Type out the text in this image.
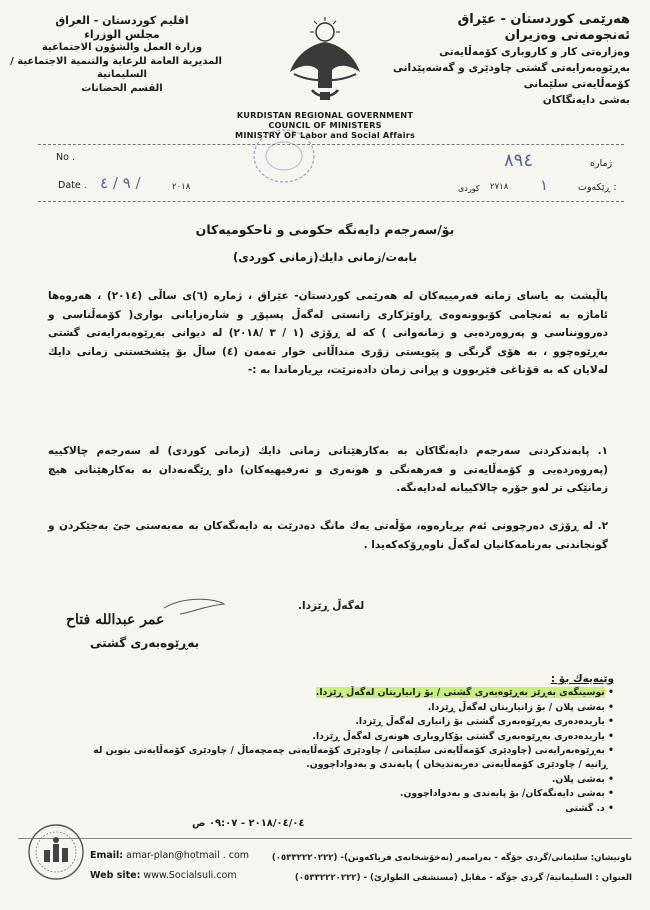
اقليم كوردستان - العراق
مجلس الوزراء
وزارة العمل والشؤون الاجتماعية
المديرية العامة للرعاية والتنمية الاجتماعية /
السليمانية
القسم الحضانات
KURDISTAN REGIONAL GOVERNMENT
COUNCIL OF MINISTERS
MINISTRY OF Labor and Social Affairs
هەرێمی کوردستان - عێراق
ئەنجومەنی وەزیران
وەزارەتی كار و كاروباری كۆمەڵایەتی
بەڕێوەبەرایەتی گشتی چاودێری و گەشەپێدانی
كۆمەڵایەتی سلێمانی
بەشی دایەنگاكان
No .
Date . ٩ / ٤ /	٢٠١٨
ژمارە
٨٩٤
ڕێكەوت :
١
٢٧١٨
كوردی
بۆ/سەرجەم دایەنگە حكومی و ناحكومیەكان
بابەت/زمانی دایك(زمانی كوردی)
پاڵپشت بە یاسای زمانە فەرمییەكان لە هەرێمی كوردستان- عێراق ، ژمارە (٦)ی ساڵی (٢٠١٤) ، هەروەها ئاماژە بە ئەنجامی كۆبوونەوەی ڕاوێژكاری زانستی لەگەڵ پسپۆڕ و شارەزایانی بواری( كۆمەڵناسی و دەروونناسی و پەروەردەیی و زمانەوانی ) كە لە ڕۆژی (١ / ٣ /٢٠١٨) لە دیوانی بەڕێوەبەرایەتی گشتی بەڕێوەچوو ، بە هۆی گرنگی و پێویستی زۆری منداڵانی خوار تەمەن (٤) ساڵ بۆ پێشخستنی زمانی دایك لەلایان كە بە قۆناغی فێربوون و پڕانی زمان دادەنرێت، بڕیارماندا بە :-
١. پابەندكردنی سەرجەم دایەنگاكان بە بەكارهێنانی زمانی دایك (زمانی كوردی) لە سەرجەم چالاكییە (پەروەردەیی و كۆمەڵایەتی و فەرهەنگی و هونەری و تەرفیهیەكان) داو ڕێگەنەدان بە بەكارهێنانی هیچ زمانێكی تر لەو جۆرە چالاكییانە لەدایەنگە.
٢. لە ڕۆژی دەرچوونی ئەم بڕیارەوە، مۆڵەتی یەك مانگ دەدرێت بە دایەنگەكان بە مەبەستی جێ بەجێكردن و گونجاندنی بەرنامەكانیان لەگەڵ ناوەڕۆكەكەیدا .
لەگەڵ ڕێزدا.
عمر عبدالله فتاح
بەڕێوەبەری گشتی
وێنەیەك بۆ :
• نوسینگەی بەڕێز بەڕێوەبەری گشتی / بۆ زانیاریتان لەگەڵ ڕێزدا.
• بەشی پلان / بۆ زانیاریتان لەگەڵ ڕێزدا.
• یاریدەدەری بەڕێوەبەری گشتی بۆ زانیاری لەگەڵ ڕێزدا.
• یاریدەدەری بەڕێوەبەری گشتی بۆكاروباری هونەری لەگەڵ ڕێزدا.
• بەڕێوەبەرایەتی (چاودێری كۆمەڵایەتی سلێمانی / چاودێری كۆمەڵایەتی چەمچەماڵ / چاودێری كۆمەڵایەتی بتوین لە
ڕانیە / چاودێری كۆمەڵایەتی دەربەندیخان ) پابەندی و بەدواداچوون.
• بەشی پلان.
• بەشی دایەنگەكان/ بۆ پابەندی و بەدواداچوون.
• د. گشتی
٢٠١٨/٠٤/٠٤ - ٠٩:٠٧ ص
Email: amar-plan@hotmail . com
Web site: www.Socialsuli.com
ناونیشان: سلێمانی/گردی جۆگە - بەرامبەر (نەخۆشخانەی فریاكەوتن)- (٠٥٣٣٢٢٢٠٢٢٢)
العنوان : السليمانية/ گردى جۆگە - مقابل (مستشفى الطوارئ) - (٠٥٣٣٢٢٢٠٢٢٢)
